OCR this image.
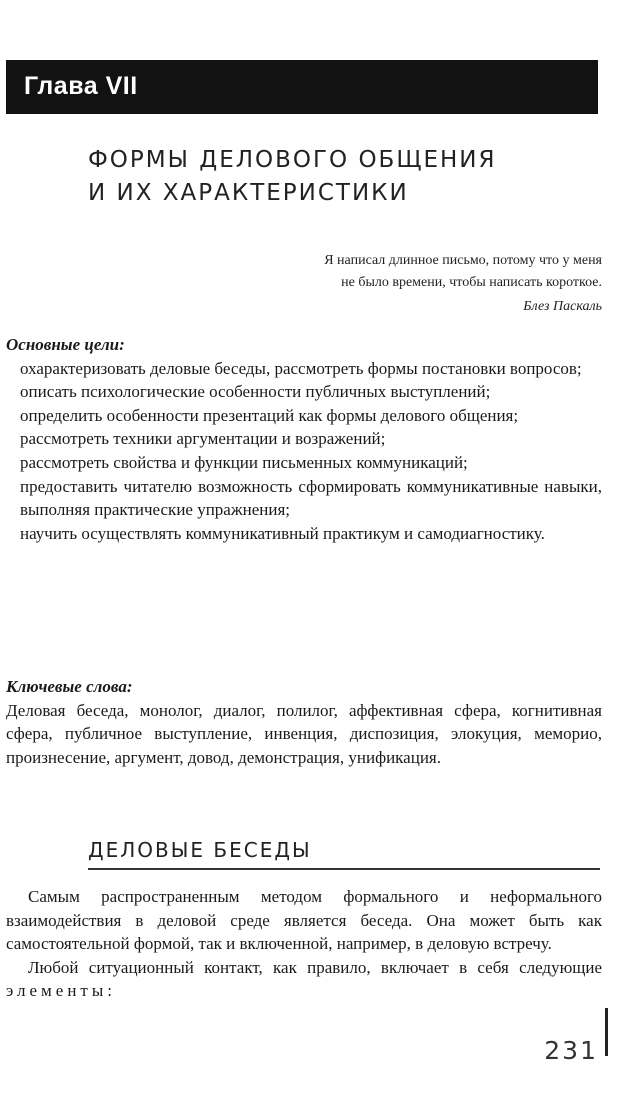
Глава VII
ФОРМЫ ДЕЛОВОГО ОБЩЕНИЯ
И ИХ ХАРАКТЕРИСТИКИ
Я написал длинное письмо, потому что у меня
не было времени, чтобы написать короткое.
Блез Паскаль
Основные цели:
охарактеризовать деловые беседы, рассмотреть формы постановки вопросов;
описать психологические особенности публичных выступлений;
определить особенности презентаций как формы делового общения;
рассмотреть техники аргументации и возражений;
рассмотреть свойства и функции письменных коммуникаций;
предоставить читателю возможность сформировать коммуникативные навыки, выполняя практические упражнения;
научить осуществлять коммуникативный практикум и самодиагностику.
Ключевые слова:
Деловая беседа, монолог, диалог, полилог, аффективная сфера, когнитивная сфера, публичное выступление, инвенция, диспозиция, элокуция, меморио, произнесение, аргумент, довод, демонстрация, унификация.
ДЕЛОВЫЕ БЕСЕДЫ

Самым распространенным методом формального и неформального взаимодействия в деловой среде является беседа. Она может быть как самостоятельной формой, так и включенной, например, в деловую встречу.

Любой ситуационный контакт, как правило, включает в себя следующие элементы:

231
